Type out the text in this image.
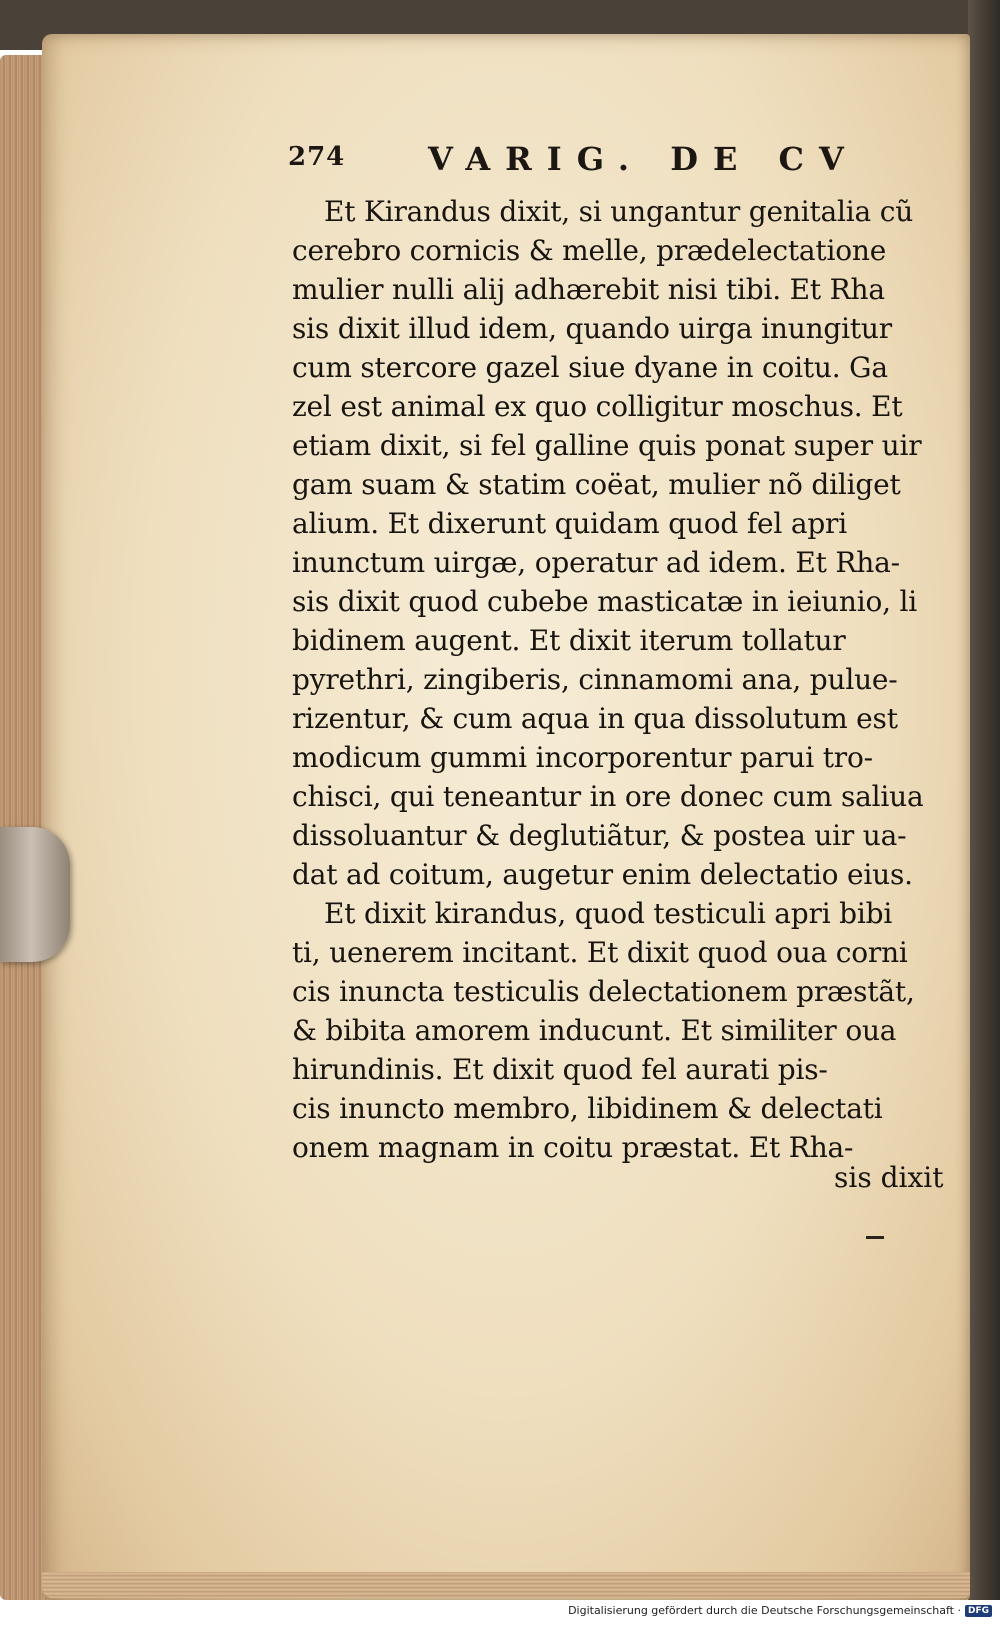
274	VARIG. DE CV
Et Kirandus dixit, si ungantur genitalia cũ
cerebro cornicis & melle, prædelectatione
mulier nulli alij adhærebit nisi tibi. Et Rha
sis dixit illud idem, quando uirga inungitur
cum stercore gazel siue dyane in coitu. Ga
zel est animal ex quo colligitur moschus. Et
etiam dixit, si fel galline quis ponat super uir
gam suam & statim coëat, mulier nõ diliget
alium. Et dixerunt quidam quod fel apri
inunctum uirgæ, operatur ad idem. Et Rha-
sis dixit quod cubebe masticatæ in ieiunio, li
bidinem augent. Et dixit iterum tollatur
pyrethri, zingiberis, cinnamomi ana, pulue-
rizentur, & cum aqua in qua dissolutum est
modicum gummi incorporentur parui tro-
chisci, qui teneantur in ore donec cum saliua
dissoluantur & deglutiãtur, & postea uir ua-
dat ad coitum, augetur enim delectatio eius.
Et dixit kirandus, quod testiculi apri bibi
ti, uenerem incitant. Et dixit quod oua corni
cis inuncta testiculis delectationem præstãt,
& bibita amorem inducunt. Et similiter oua
hirundinis. Et dixit quod fel aurati pis-
cis inuncto membro, libidinem & delectati
onem magnam in coitu præstat. Et Rha-
sis dixit
Digitalisierung gefördert durch die Deutsche Forschungsgemeinschaft · DFG
